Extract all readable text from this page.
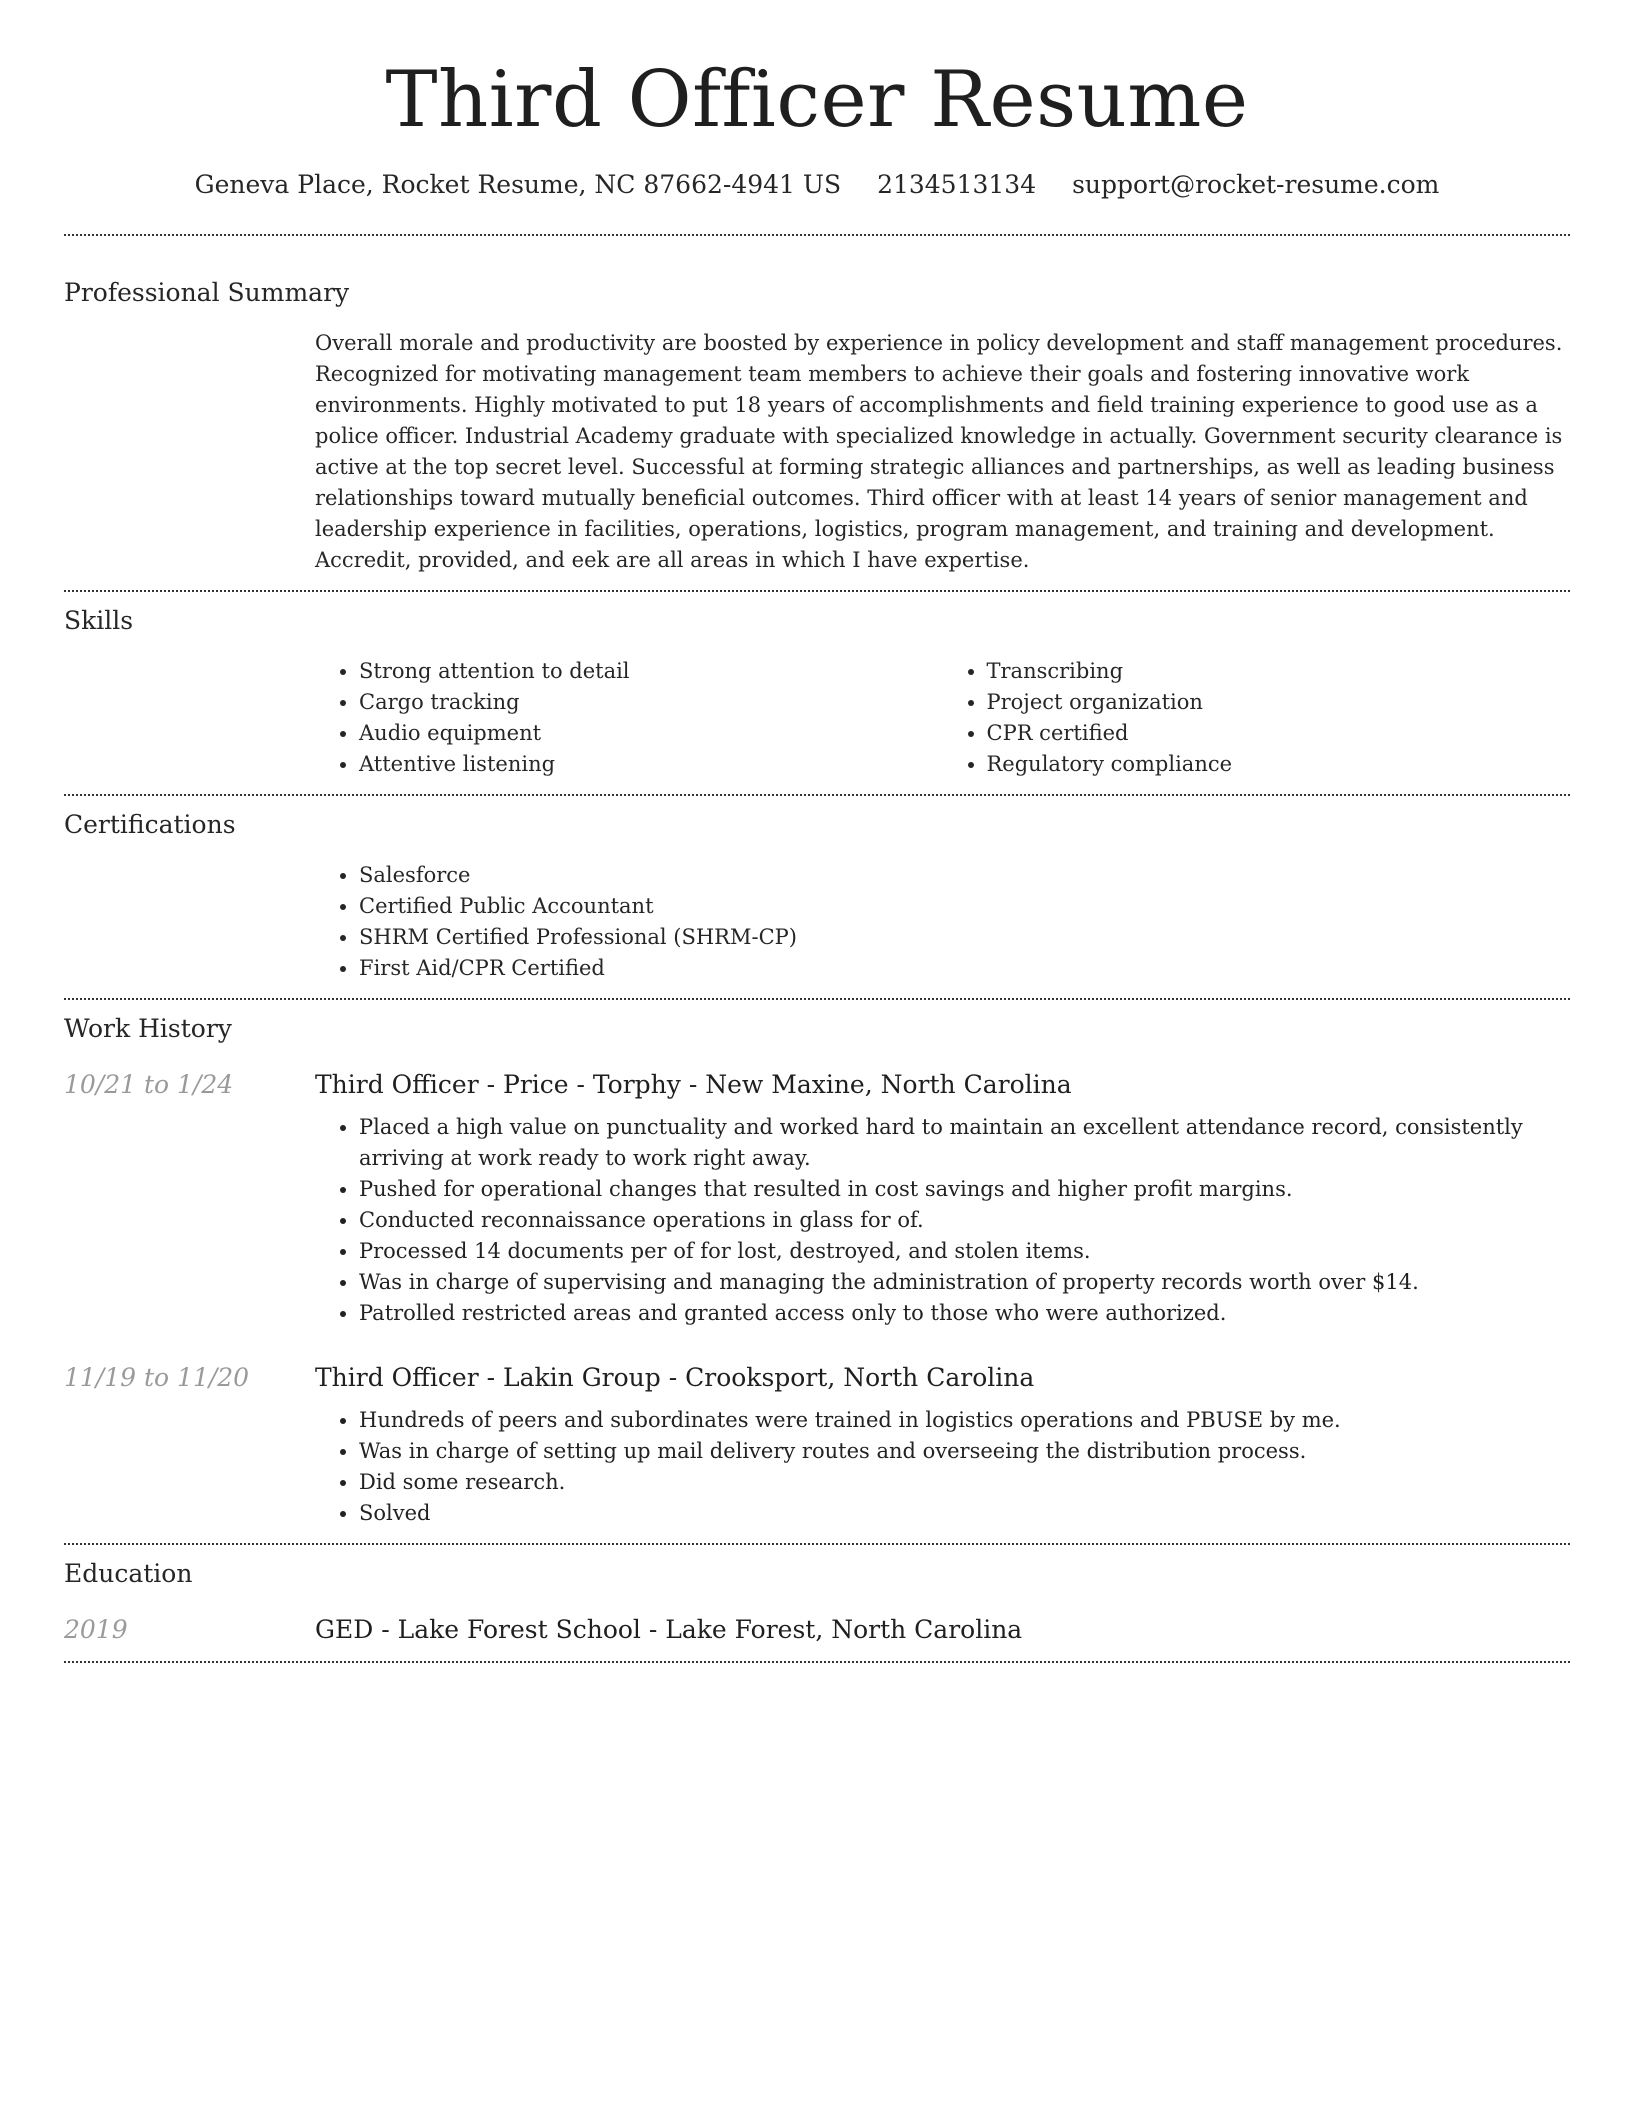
Third Officer Resume
Geneva Place, Rocket Resume, NC 87662-4941 US 2134513134 support@rocket-resume.com
Professional Summary
Overall morale and productivity are boosted by experience in policy development and staff management procedures. Recognized for motivating management team members to achieve their goals and fostering innovative work environments. Highly motivated to put 18 years of accomplishments and field training experience to good use as a police officer. Industrial Academy graduate with specialized knowledge in actually. Government security clearance is active at the top secret level. Successful at forming strategic alliances and partnerships, as well as leading business relationships toward mutually beneficial outcomes. Third officer with at least 14 years of senior management and leadership experience in facilities, operations, logistics, program management, and training and development. Accredit, provided, and eek are all areas in which I have expertise.
Skills
• Strong attention to detail
• Cargo tracking
• Audio equipment
• Attentive listening
• Transcribing
• Project organization
• CPR certified
• Regulatory compliance
Certifications
• Salesforce
• Certified Public Accountant
• SHRM Certified Professional (SHRM-CP)
• First Aid/CPR Certified
Work History
10/21 to 1/24	Third Officer - Price - Torphy - New Maxine, North Carolina
• Placed a high value on punctuality and worked hard to maintain an excellent attendance record, consistently arriving at work ready to work right away.
• Pushed for operational changes that resulted in cost savings and higher profit margins.
• Conducted reconnaissance operations in glass for of.
• Processed 14 documents per of for lost, destroyed, and stolen items.
• Was in charge of supervising and managing the administration of property records worth over $14.
• Patrolled restricted areas and granted access only to those who were authorized.
11/19 to 11/20	Third Officer - Lakin Group - Crooksport, North Carolina
• Hundreds of peers and subordinates were trained in logistics operations and PBUSE by me.
• Was in charge of setting up mail delivery routes and overseeing the distribution process.
• Did some research.
• Solved
Education
2019	GED - Lake Forest School - Lake Forest, North Carolina
